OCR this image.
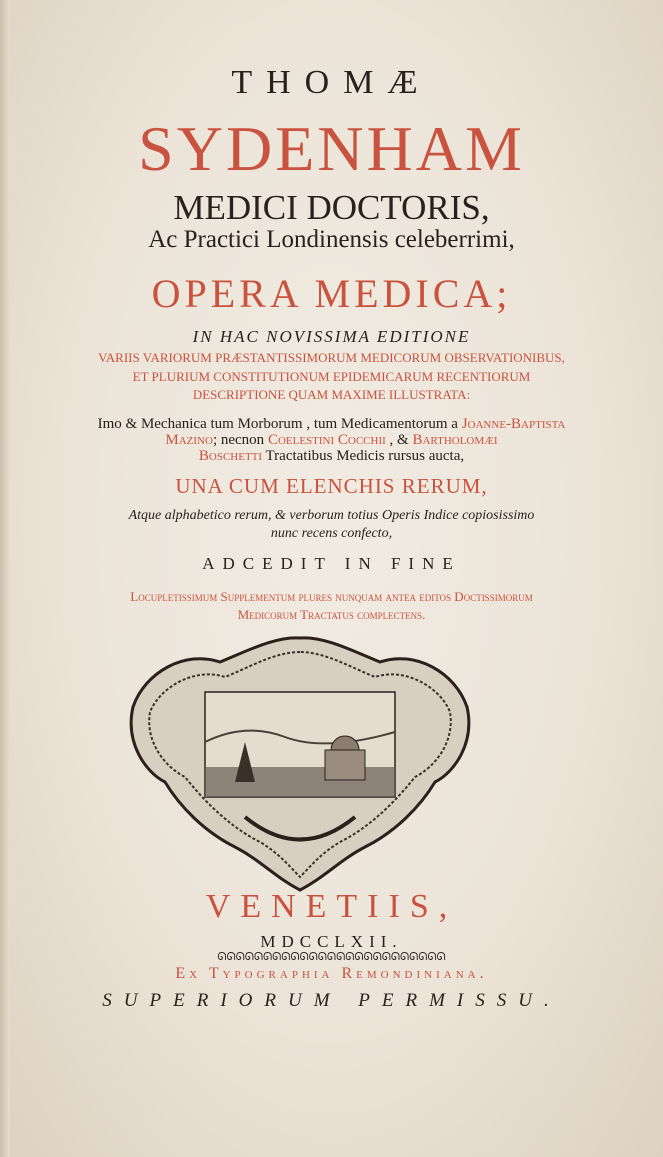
THOMÆ
SYDENHAM
MEDICI DOCTORIS,
Ac Practici Londinensis celeberrimi,
OPERA MEDICA;
IN HAC NOVISSIMA EDITIONE
VARIIS VARIORUM PRÆSTANTISSIMORUM MEDICORUM OBSERVATIONIBUS,
ET PLURIUM CONSTITUTIONUM EPIDEMICARUM RECENTIORUM
DESCRIPTIONE QUAM MAXIME ILLUSTRATA:
Imo & Mechanica tum Morborum , tum Medicamentorum a Joanne-Baptista
Mazino; necnon Coelestini Cocchii , & Bartholomæi
Boschetti Tractatibus Medicis rursus aucta,
UNA CUM ELENCHIS RERUM,
Atque alphabetico rerum, & verborum totius Operis Indice copiosissimo
nunc recens confecto,
ADCEDIT IN FINE
Locupletissimum Supplementum plures nunquam antea editos Doctissimorum
Medicorum Tractatus complectens.
VENETIIS,
MDCCLXII.
ᘏᘏᘏᘏᘏᘏᘏᘏᘏᘏᘏᘏᘏᘏᘏᘏᘏᘏᘏᘏᘏᘏᘏᘏᘏ
Ex Typographia Remondiniana.
SUPERIORUM PERMISSU.
